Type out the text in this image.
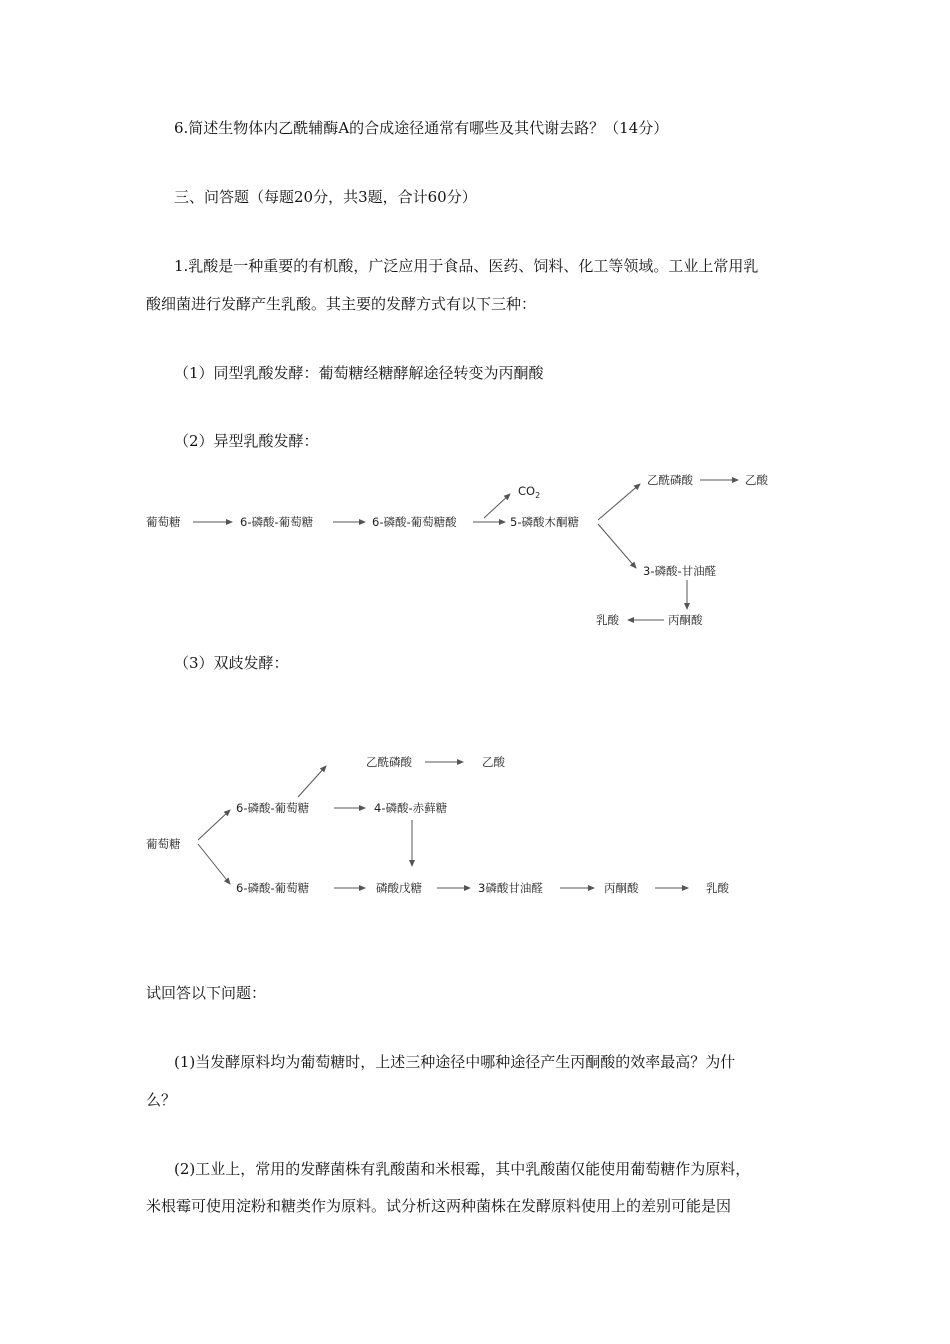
6.简述生物体内乙酰辅酶A的合成途径通常有哪些及其代谢去路？（14分）
三、问答题（每题20分，共3题，合计60分）
1.乳酸是一种重要的有机酸，广泛应用于食品、医药、饲料、化工等领域。工业上常用乳
酸细菌进行发酵产生乳酸。其主要的发酵方式有以下三种：
（1）同型乳酸发酵：葡萄糖经糖酵解途径转变为丙酮酸
（2）异型乳酸发酵：
葡萄糖	6-磷酸-葡萄糖	6-磷酸-葡萄糖酸
$CO_2$
5-磷酸木酮糖
乙酰磷酸	乙酸
3-磷酸-甘油醛
丙酮酸
乳酸
（3）双歧发酵：
葡萄糖
6-磷酸-葡萄糖
乙酰磷酸	乙酸
4-磷酸-赤藓糖
6-磷酸-葡萄糖	磷酸戊糖	3磷酸甘油醛	丙酮酸	乳酸
试回答以下问题：
(1)当发酵原料均为葡萄糖时，上述三种途径中哪种途径产生丙酮酸的效率最高？为什
么？
(2)工业上，常用的发酵菌株有乳酸菌和米根霉，其中乳酸菌仅能使用葡萄糖作为原料，
米根霉可使用淀粉和糖类作为原料。试分析这两种菌株在发酵原料使用上的差别可能是因
